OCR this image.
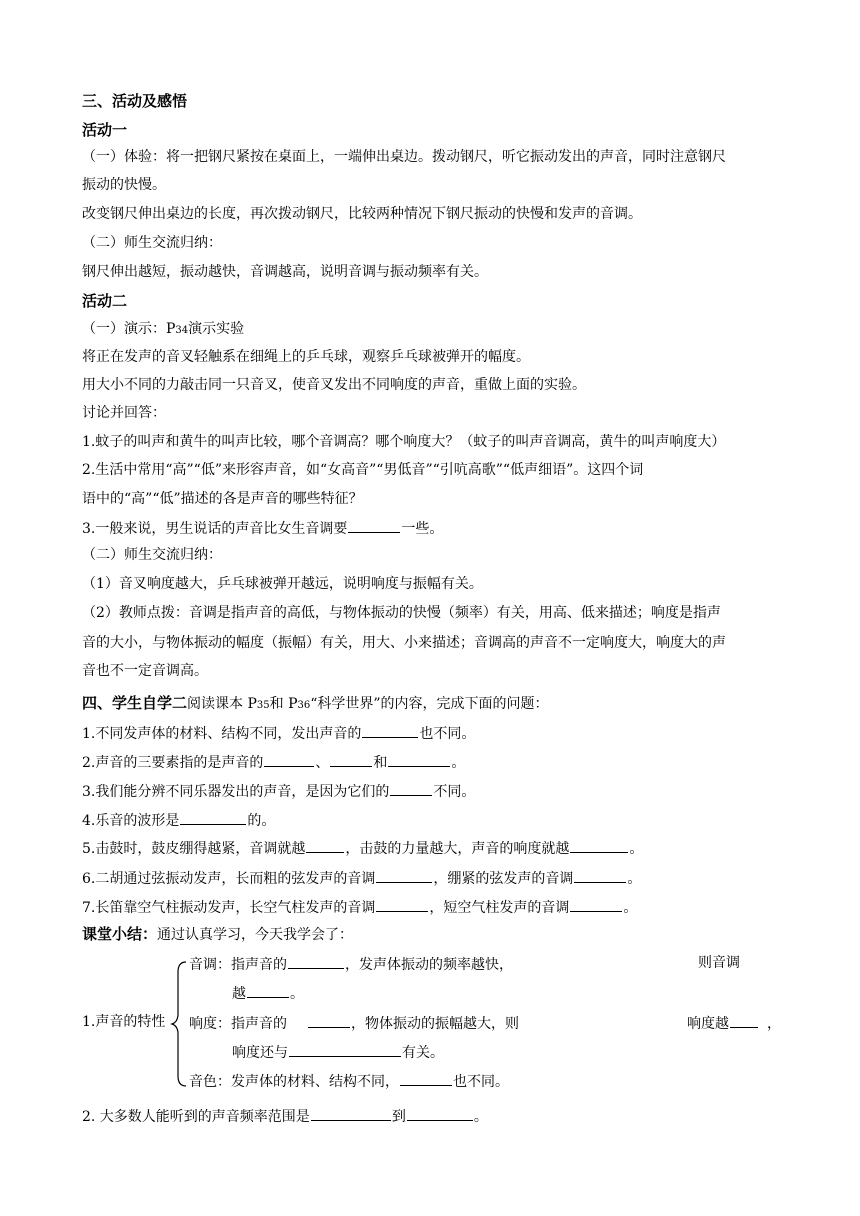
三、活动及感悟
活动一
（一）体验：将一把钢尺紧按在桌面上，一端伸出桌边。拨动钢尺，听它振动发出的声音，同时注意钢尺
振动的快慢。
改变钢尺伸出桌边的长度，再次拨动钢尺，比较两种情况下钢尺振动的快慢和发声的音调。
（二）师生交流归纳：
钢尺伸出越短，振动越快，音调越高，说明音调与振动频率有关。
活动二
（一）演示：P34演示实验
将正在发声的音叉轻触系在细绳上的乒乓球，观察乒乓球被弹开的幅度。
用大小不同的力敲击同一只音叉，使音叉发出不同响度的声音，重做上面的实验。
讨论并回答：
1.蚊子的叫声和黄牛的叫声比较，哪个音调高？哪个响度大？（蚊子的叫声音调高，黄牛的叫声响度大）
2.生活中常用“高”“低”来形容声音，如“女高音”“男低音”“引吭高歌”“低声细语”。这四个词
语中的“高”“低”描述的各是声音的哪些特征？
3.一般来说，男生说话的声音比女生音调要	一些。
（二）师生交流归纳：
（1）音叉响度越大，乒乓球被弹开越远，说明响度与振幅有关。
（2）教师点拨：音调是指声音的高低，与物体振动的快慢（频率）有关，用高、低来描述；响度是指声
音的大小，与物体振动的幅度（振幅）有关，用大、小来描述；音调高的声音不一定响度大，响度大的声
音也不一定音调高。
四、学生自学二阅读课本 P35和 P36“科学世界”的内容，完成下面的问题：
1.不同发声体的材料、结构不同，发出声音的	也不同。
2.声音的三要素指的是声音的	、	和	。
3.我们能分辨不同乐器发出的声音，是因为它们的	不同。
4.乐音的波形是	的。
5.击鼓时，鼓皮绷得越紧，音调就越	，击鼓的力量越大，声音的响度就越	。
6.二胡通过弦振动发声，长而粗的弦发声的音调	，绷紧的弦发声的音调	。
7.长笛靠空气柱振动发声，长空气柱发声的音调	，短空气柱发声的音调	。
课堂小结：通过认真学习，今天我学会了：
音调：指声音的	，发声体振动的频率越快，	则音调
越	。
1.声音的特性 响度：指声音的	，物体振动的振幅越大，则	响度越	，
响度还与	有关。
音色：发声体的材料、结构不同，	也不同。
2. 大多数人能听到的声音频率范围是	到	。
